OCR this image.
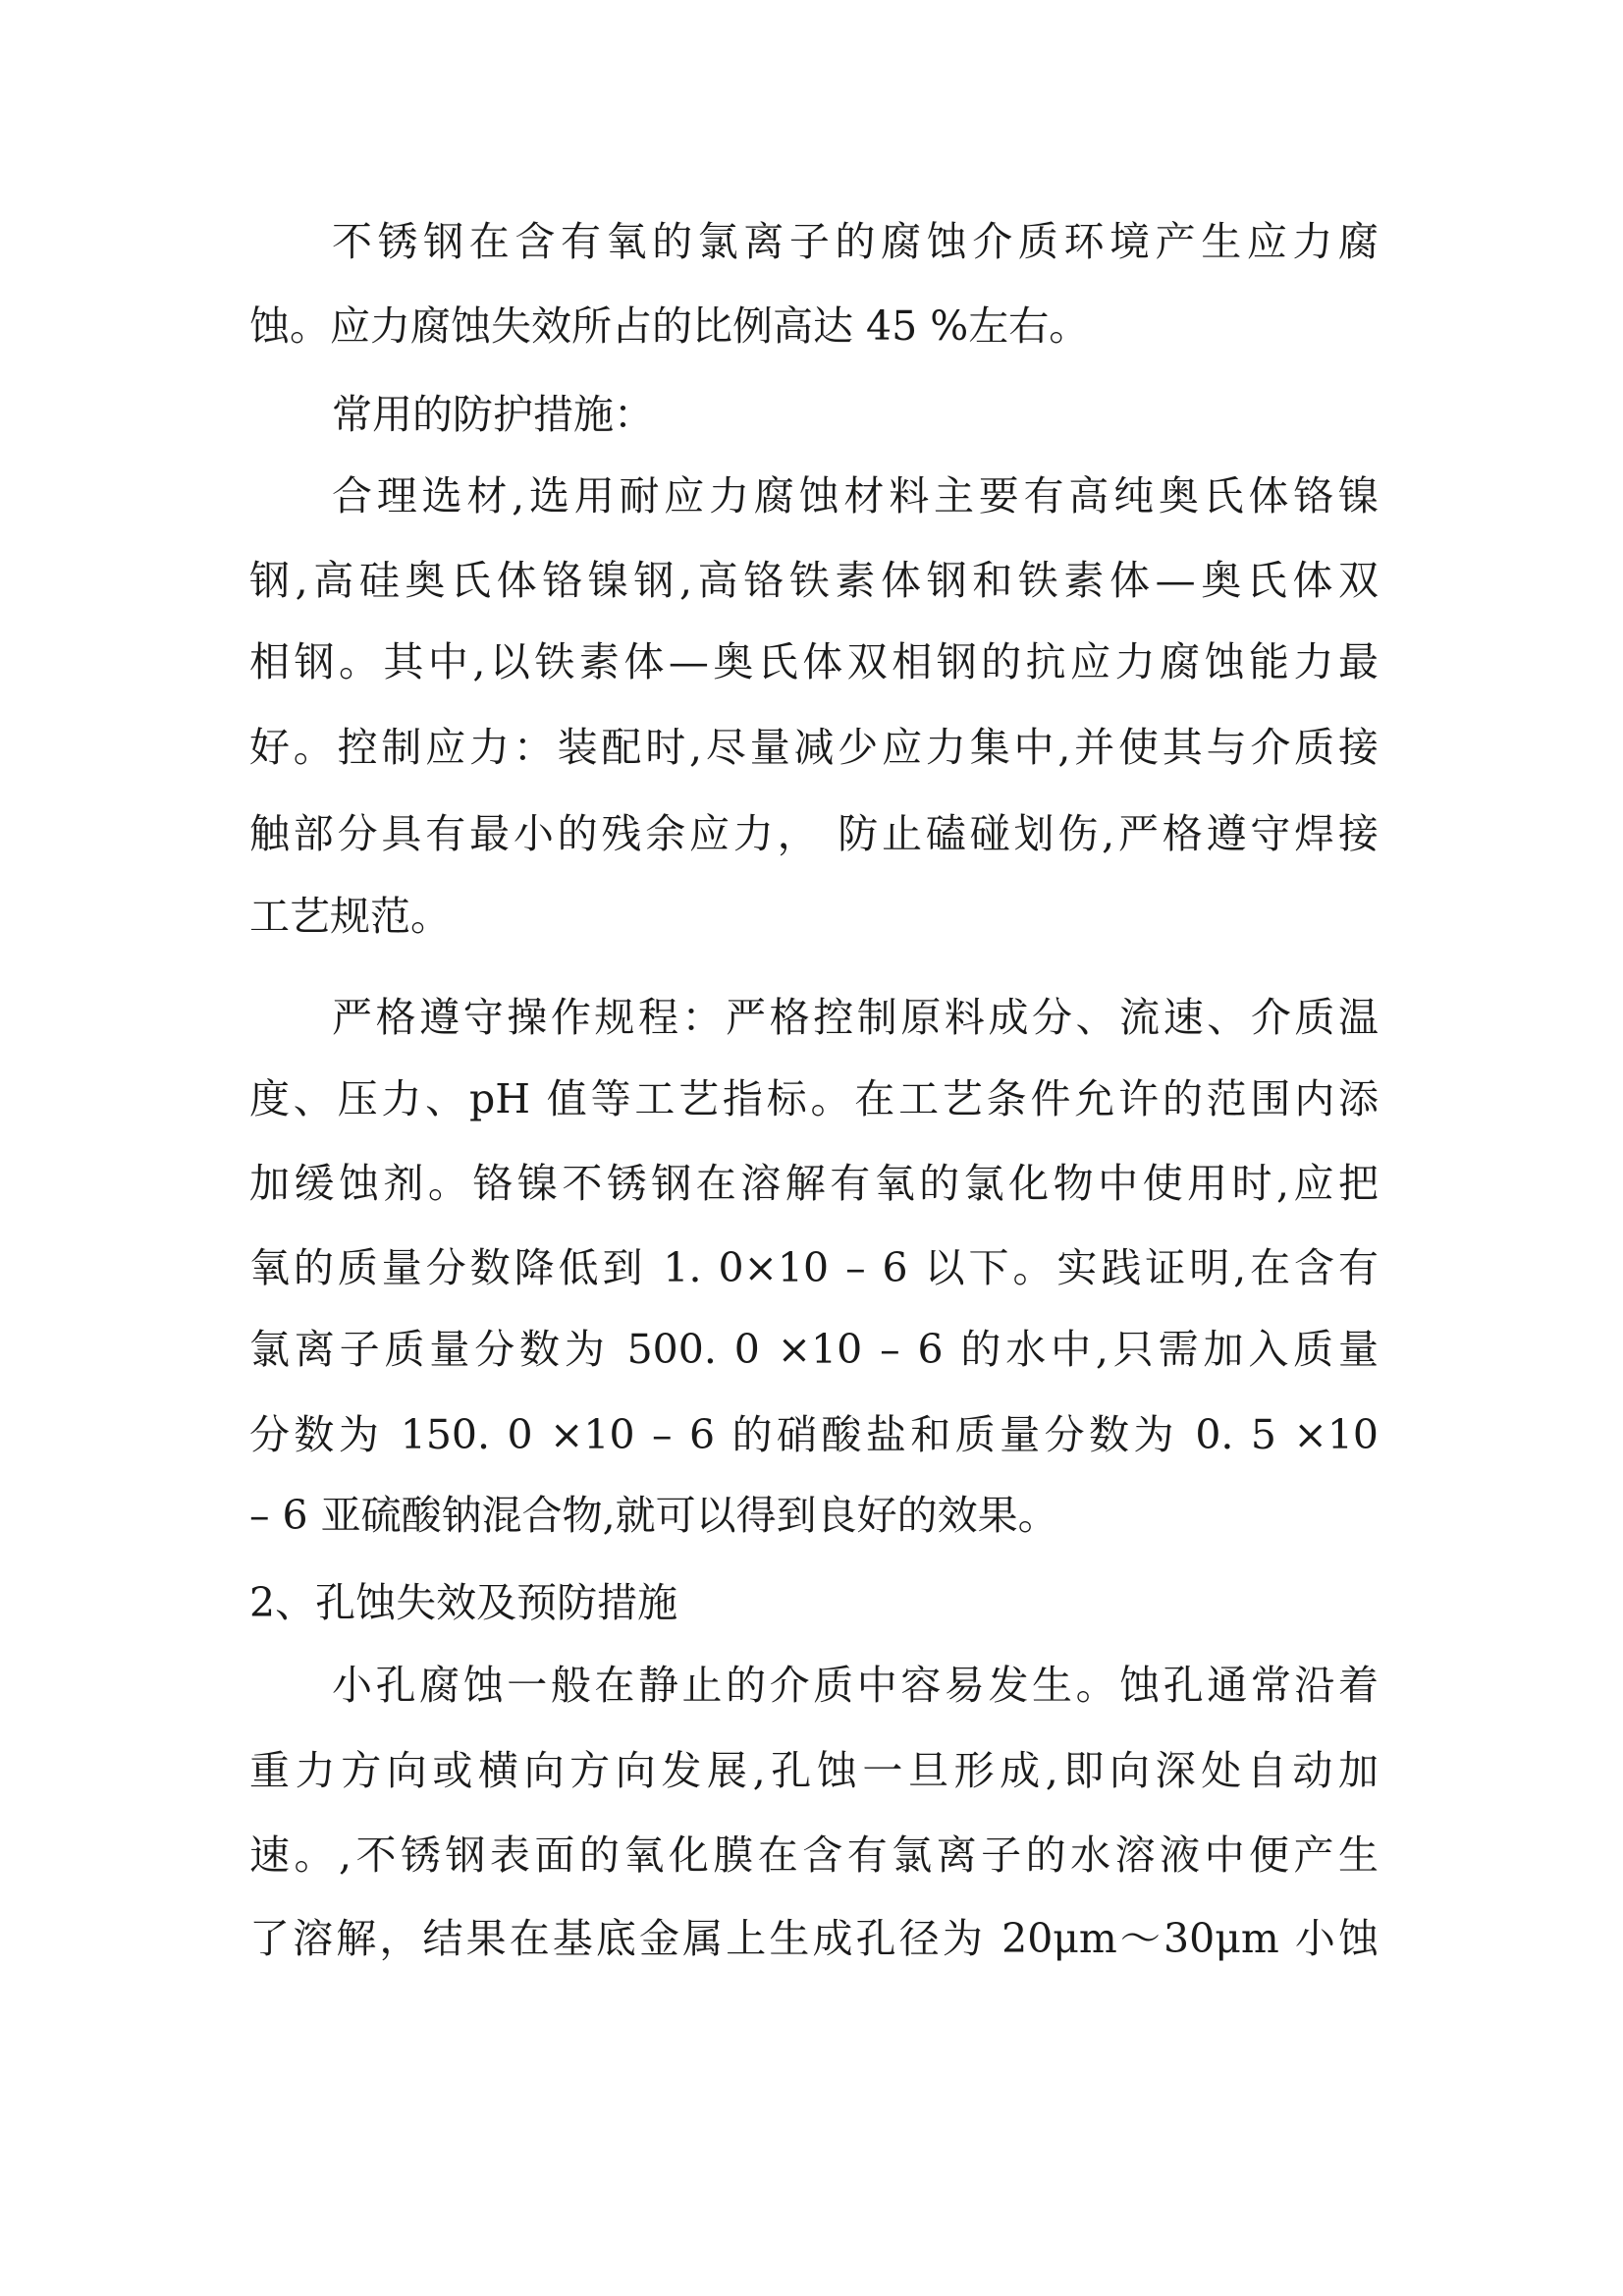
不锈钢在含有氧的氯离子的腐蚀介质环境产生应力腐

蚀。应力腐蚀失效所占的比例高达 45 %左右。

常用的防护措施：

合理选材,选用耐应力腐蚀材料主要有高纯奥氏体铬镍

钢,高硅奥氏体铬镍钢,高铬铁素体钢和铁素体—奥氏体双

相钢。其中,以铁素体—奥氏体双相钢的抗应力腐蚀能力最

好。控制应力：装配时,尽量减少应力集中,并使其与介质接

触部分具有最小的残余应力， 防止磕碰划伤,严格遵守焊接

工艺规范。

严格遵守操作规程：严格控制原料成分、流速、介质温

度、压力、pH 值等工艺指标。在工艺条件允许的范围内添

加缓蚀剂。铬镍不锈钢在溶解有氧的氯化物中使用时,应把

氧的质量分数降低到 1. 0×10 – 6 以下。实践证明,在含有

氯离子质量分数为 500. 0 ×10 – 6 的水中,只需加入质量

分数为 150. 0 ×10 – 6 的硝酸盐和质量分数为 0. 5 ×10

– 6 亚硫酸钠混合物,就可以得到良好的效果。

2、孔蚀失效及预防措施

小孔腐蚀一般在静止的介质中容易发生。蚀孔通常沿着

重力方向或横向方向发展,孔蚀一旦形成,即向深处自动加

速。,不锈钢表面的氧化膜在含有氯离子的水溶液中便产生

了溶解，结果在基底金属上生成孔径为 20μm～30μm 小蚀
